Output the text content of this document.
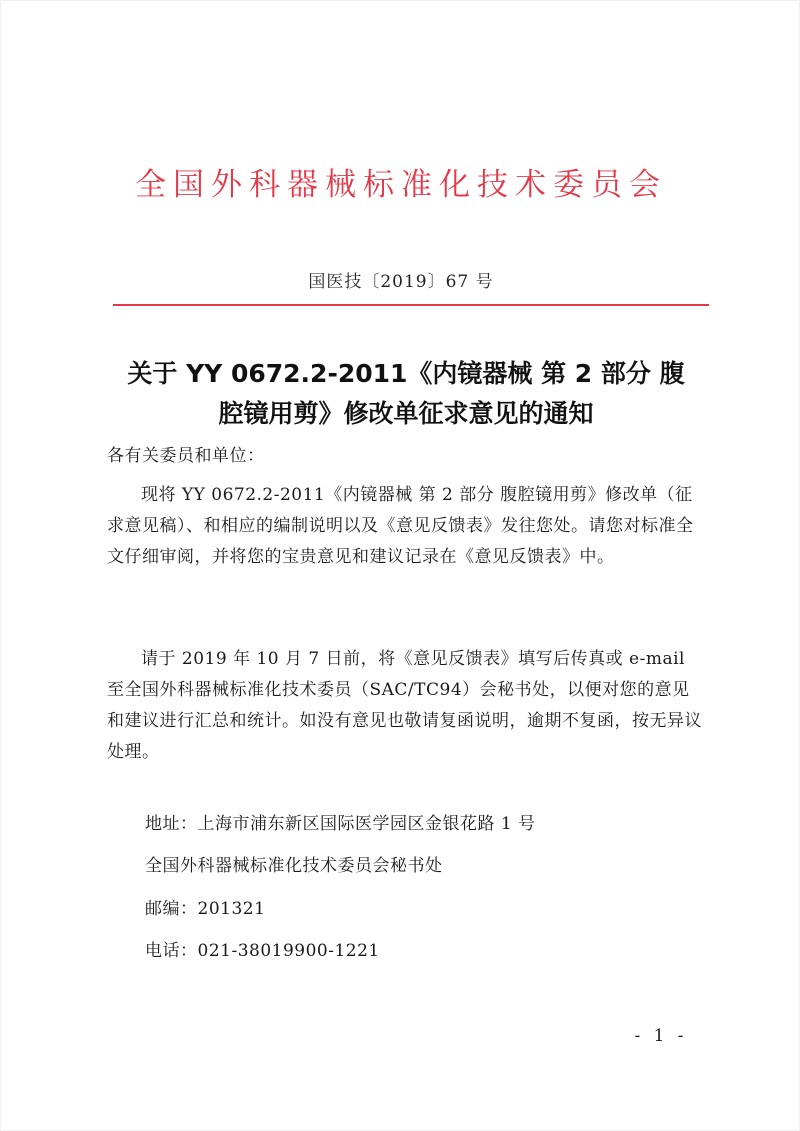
全国外科器械标准化技术委员会
国医技〔2019〕67 号
关于 YY 0672.2-2011《内镜器械 第 2 部分 腹
腔镜用剪》修改单征求意见的通知

各有关委员和单位：

现将 YY 0672.2-2011《内镜器械 第 2 部分 腹腔镜用剪》修改单（征求意见稿）、和相应的编制说明以及《意见反馈表》发往您处。请您对标准全文仔细审阅，并将您的宝贵意见和建议记录在《意见反馈表》中。

请于 2019 年 10 月 7 日前，将《意见反馈表》填写后传真或 e-mail 至全国外科器械标准化技术委员（SAC/TC94）会秘书处，以便对您的意见和建议进行汇总和统计。如没有意见也敬请复函说明，逾期不复函，按无异议处理。

地址：上海市浦东新区国际医学园区金银花路 1 号
全国外科器械标准化技术委员会秘书处
邮编：201321
电话：021-38019900-1221
- 1 -
